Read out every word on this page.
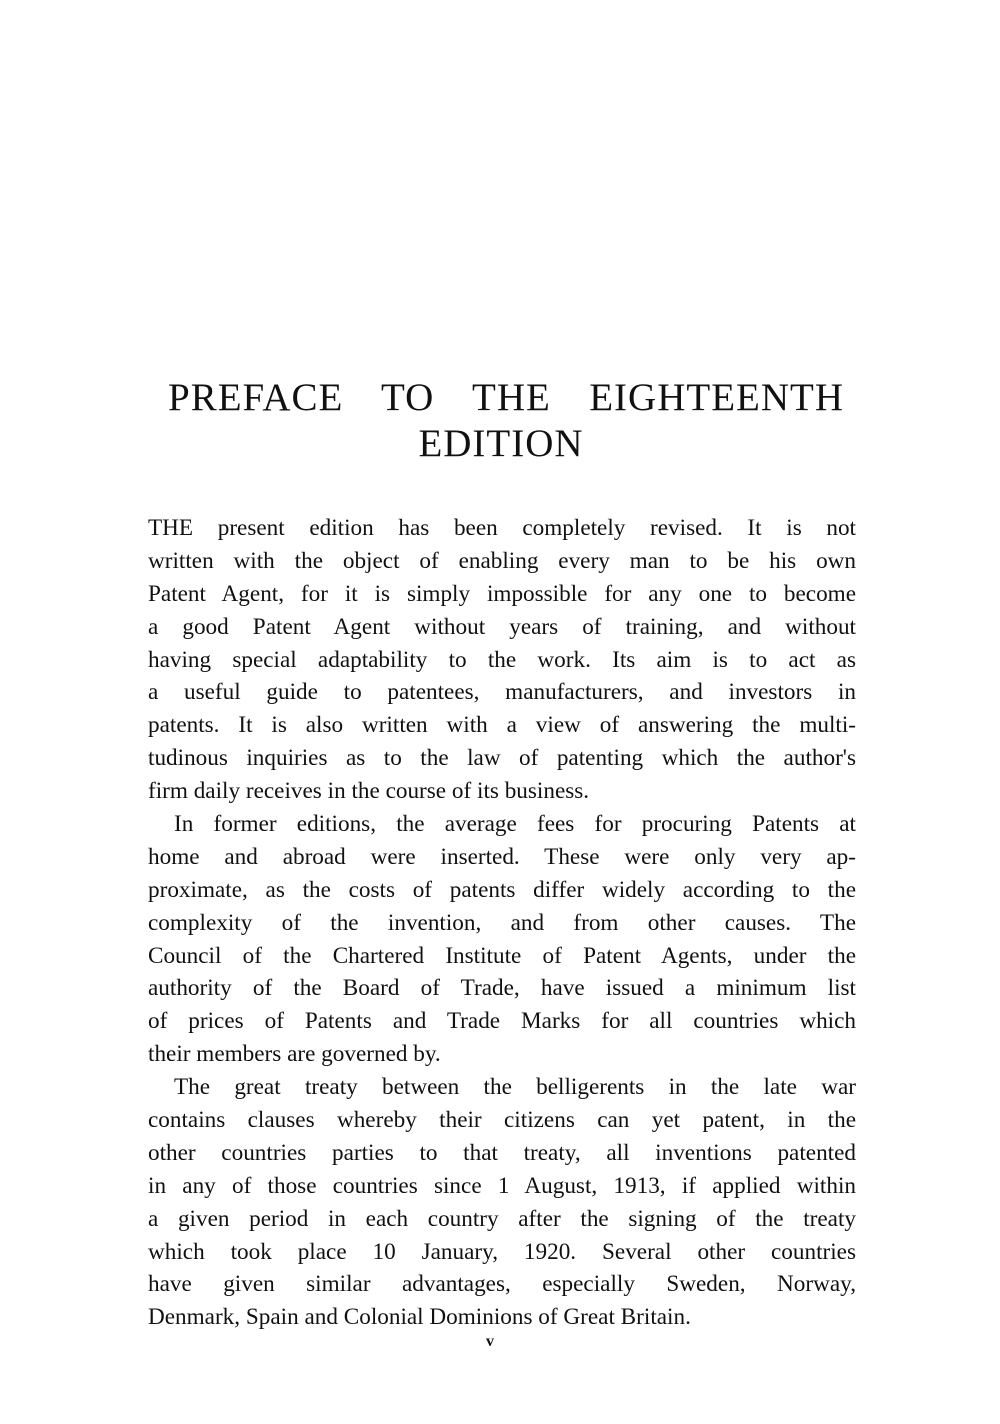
PREFACE TO THE EIGHTEENTH
EDITION
THE present edition has been completely revised. It is not
written with the object of enabling every man to be his own
Patent Agent, for it is simply impossible for any one to become
a good Patent Agent without years of training, and without
having special adaptability to the work. Its aim is to act as
a useful guide to patentees, manufacturers, and investors in
patents. It is also written with a view of answering the multi-
tudinous inquiries as to the law of patenting which the author's
firm daily receives in the course of its business.
In former editions, the average fees for procuring Patents at
home and abroad were inserted. These were only very ap-
proximate, as the costs of patents differ widely according to the
complexity of the invention, and from other causes. The
Council of the Chartered Institute of Patent Agents, under the
authority of the Board of Trade, have issued a minimum list
of prices of Patents and Trade Marks for all countries which
their members are governed by.
The great treaty between the belligerents in the late war
contains clauses whereby their citizens can yet patent, in the
other countries parties to that treaty, all inventions patented
in any of those countries since 1 August, 1913, if applied within
a given period in each country after the signing of the treaty
which took place 10 January, 1920. Several other countries
have given similar advantages, especially Sweden, Norway,
Denmark, Spain and Colonial Dominions of Great Britain.
v
